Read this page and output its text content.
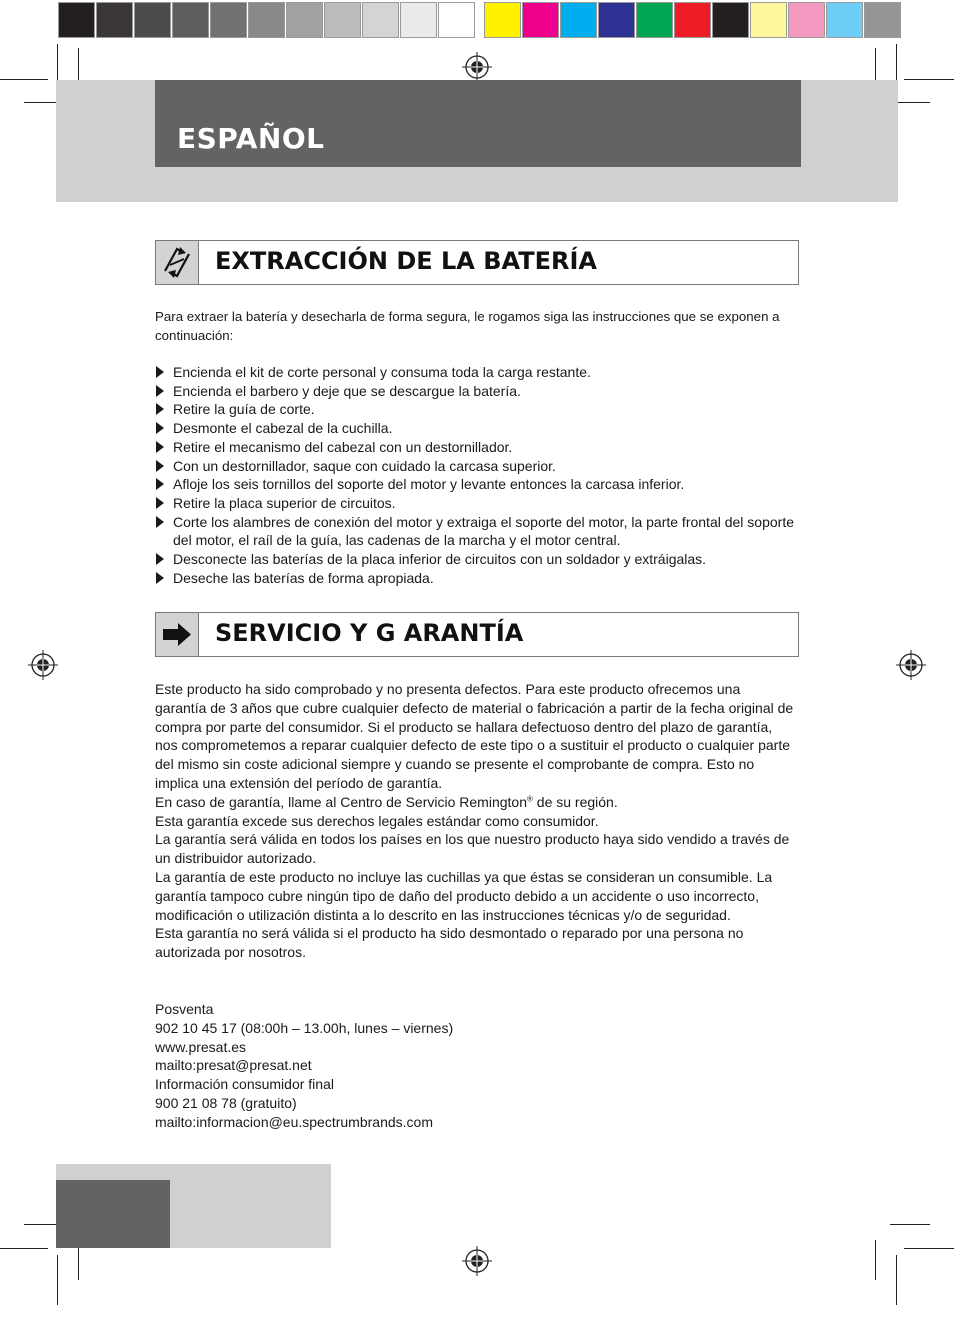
ESPAÑOL
EXTRACCIÓN DE LA BATERÍA

Para extraer la batería y desecharla de forma segura, le rogamos siga las instrucciones que se exponen a continuación:

Encienda el kit de corte personal y consuma toda la carga restante.
Encienda el barbero y deje que se descargue la batería.
Retire la guía de corte.
Desmonte el cabezal de la cuchilla.
Retire el mecanismo del cabezal con un destornillador.
Con un destornillador, saque con cuidado la carcasa superior.
Afloje los seis tornillos del soporte del motor y levante entonces la carcasa inferior.
Retire la placa superior de circuitos.
Corte los alambres de conexión del motor y extraiga el soporte del motor, la parte frontal del soporte del motor, el raíl de la guía, las cadenas de la marcha y el motor central.
Desconecte las baterías de la placa inferior de circuitos con un soldador y extráigalas.
Deseche las baterías de forma apropiada.
SERVICIO Y G ARANTÍA

Este producto ha sido comprobado y no presenta defectos. Para este producto ofrecemos una garantía de 3 años que cubre cualquier defecto de material o fabricación a partir de la fecha original de compra por parte del consumidor. Si el producto se hallara defectuoso dentro del plazo de garantía, nos comprometemos a reparar cualquier defecto de este tipo o a sustituir el producto o cualquier parte del mismo sin coste adicional siempre y cuando se presente el comprobante de compra. Esto no implica una extensión del período de garantía.

En caso de garantía, llame al Centro de Servicio Remington® de su región.

Esta garantía excede sus derechos legales estándar como consumidor.

La garantía será válida en todos los países en los que nuestro producto haya sido vendido a través de un distribuidor autorizado.

La garantía de este producto no incluye las cuchillas ya que éstas se consideran un consumible. La garantía tampoco cubre ningún tipo de daño del producto debido a un accidente o uso incorrecto, modificación o utilización distinta a lo descrito en las instrucciones técnicas y/o de seguridad.

Esta garantía no será válida si el producto ha sido desmontado o reparado por una persona no autorizada por nosotros.

Posventa
902 10 45 17 (08:00h – 13.00h, lunes – viernes)
www.presat.es
mailto:presat@presat.net
Información consumidor final
900 21 08 78 (gratuito)
mailto:informacion@eu.spectrumbrands.com
